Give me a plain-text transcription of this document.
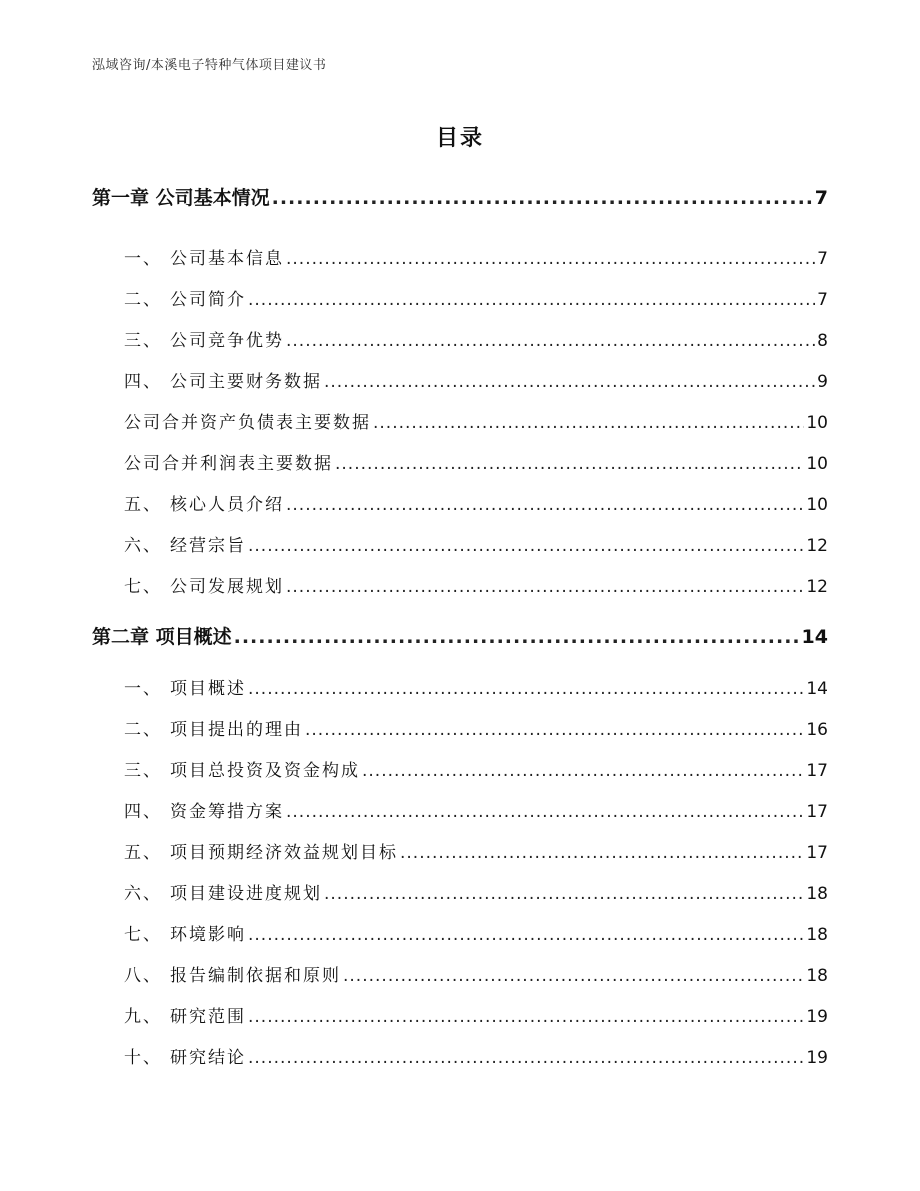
泓域咨询/本溪电子特种气体项目建议书
目录
第一章 公司基本情况 .....	7
一、 公司基本信息 .....	7
二、 公司简介 .....	7
三、 公司竞争优势 .....	8
四、 公司主要财务数据 .....	9
公司合并资产负债表主要数据 .....	10
公司合并利润表主要数据 .....	10
五、 核心人员介绍 .....	10
六、 经营宗旨 .....	12
七、 公司发展规划 .....	12
第二章 项目概述 .....	14
一、 项目概述 .....	14
二、 项目提出的理由 .....	16
三、 项目总投资及资金构成 .....	17
四、 资金筹措方案 .....	17
五、 项目预期经济效益规划目标 .....	17
六、 项目建设进度规划 .....	18
七、 环境影响 .....	18
八、 报告编制依据和原则 .....	18
九、 研究范围 .....	19
十、 研究结论 .....	19
